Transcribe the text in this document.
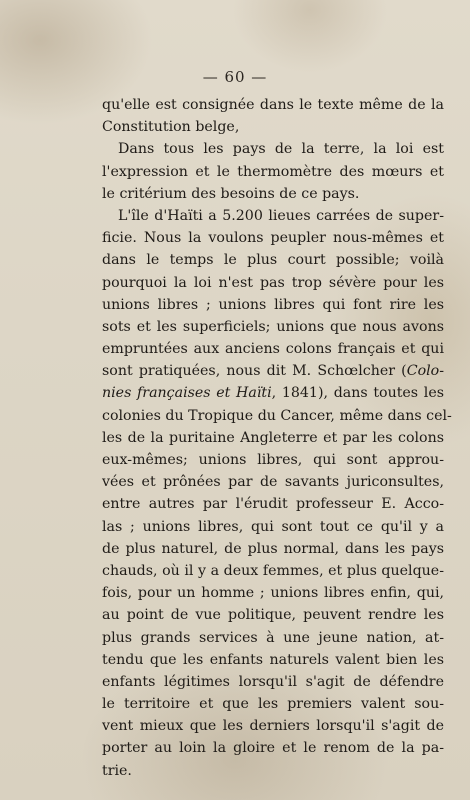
— 60 —
qu'elle est consignée dans le texte même de la
Constitution belge,
Dans tous les pays de la terre, la loi est
l'expression et le thermomètre des mœurs et
le critérium des besoins de ce pays.
L'île d'Haïti a 5.200 lieues carrées de super-
ficie. Nous la voulons peupler nous-mêmes et
dans le temps le plus court possible; voilà
pourquoi la loi n'est pas trop sévère pour les
unions libres ; unions libres qui font rire les
sots et les superficiels; unions que nous avons
empruntées aux anciens colons français et qui
sont pratiquées, nous dit M. Schœlcher (Colo-
nies françaises et Haïti, 1841), dans toutes les
colonies du Tropique du Cancer, même dans cel-
les de la puritaine Angleterre et par les colons
eux-mêmes; unions libres, qui sont approu-
vées et prônées par de savants juriconsultes,
entre autres par l'érudit professeur E. Acco-
las ; unions libres, qui sont tout ce qu'il y a
de plus naturel, de plus normal, dans les pays
chauds, où il y a deux femmes, et plus quelque-
fois, pour un homme ; unions libres enfin, qui,
au point de vue politique, peuvent rendre les
plus grands services à une jeune nation, at-
tendu que les enfants naturels valent bien les
enfants légitimes lorsqu'il s'agit de défendre
le territoire et que les premiers valent sou-
vent mieux que les derniers lorsqu'il s'agit de
porter au loin la gloire et le renom de la pa-
trie.
